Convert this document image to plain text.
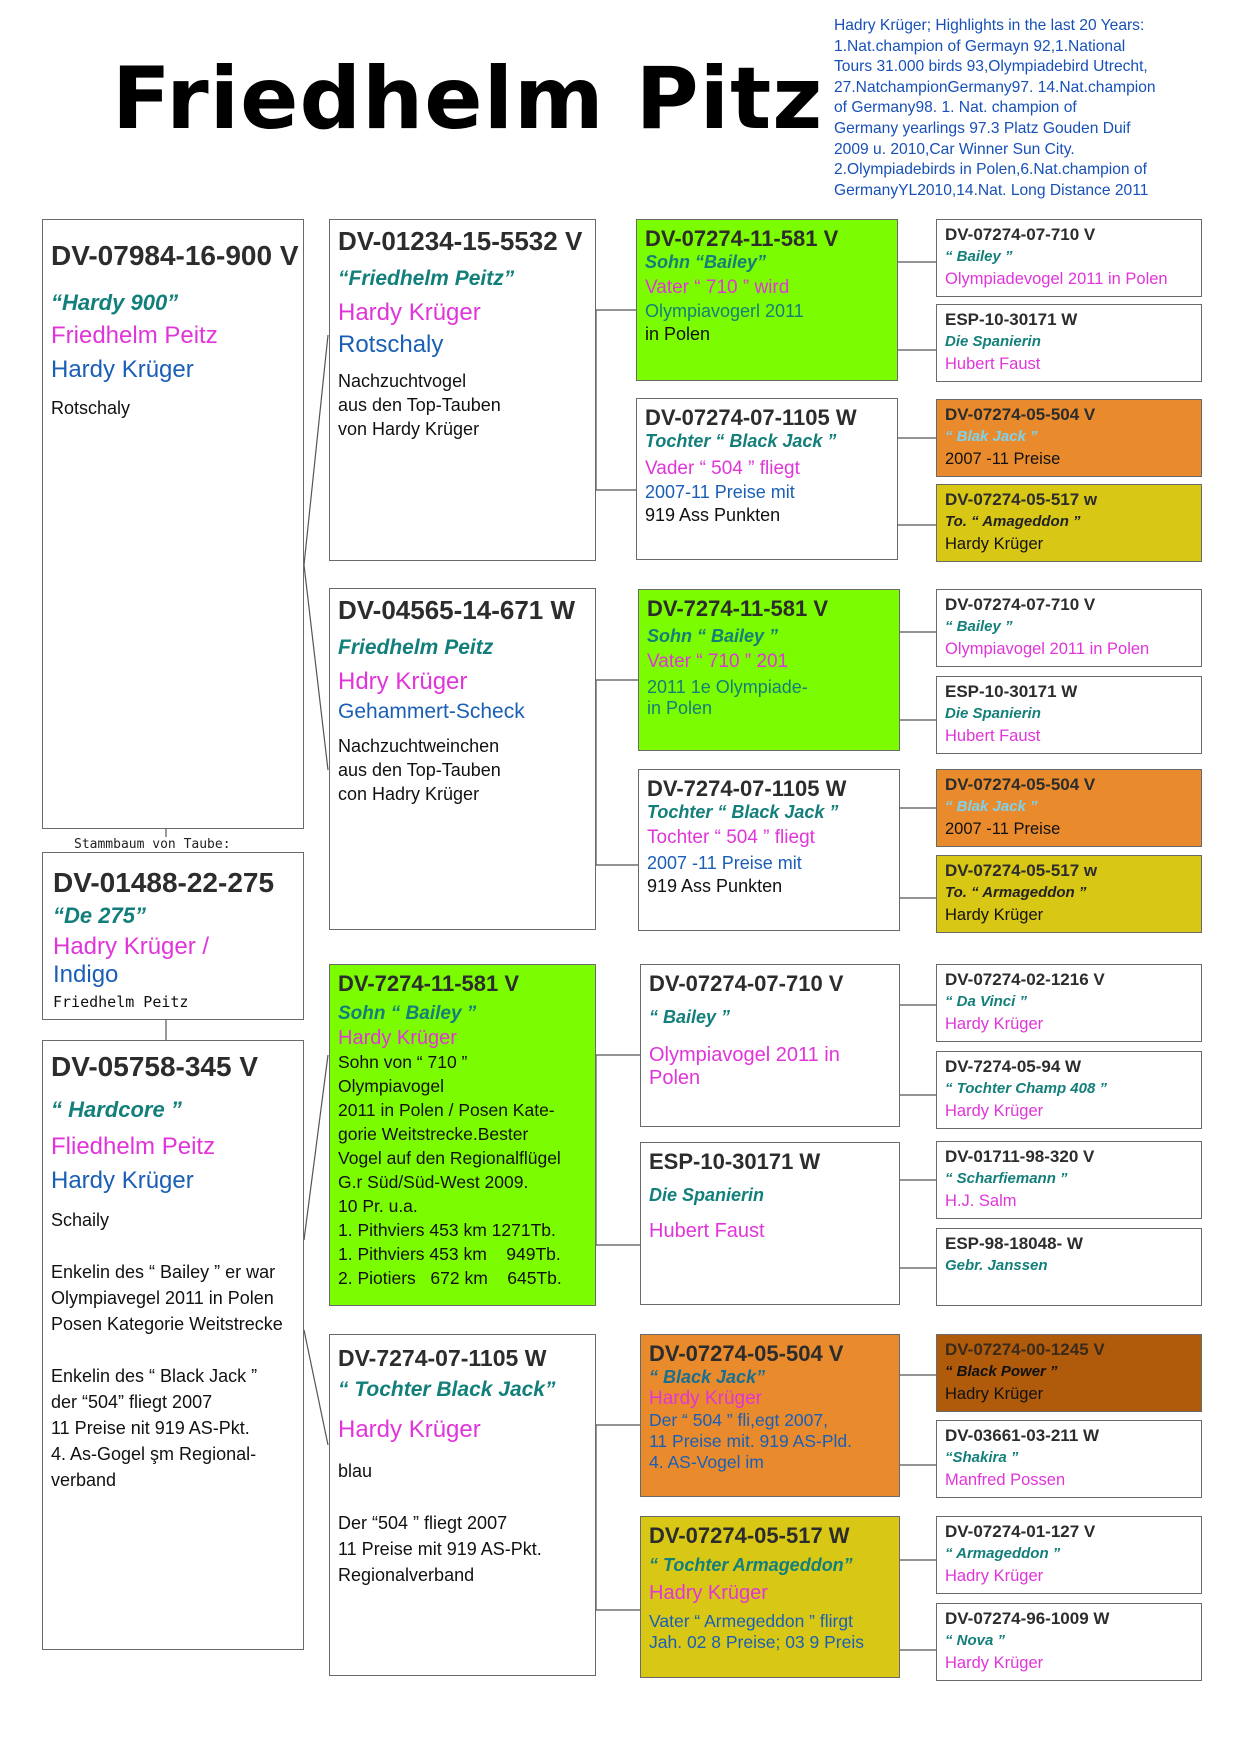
Friedhelm Pitz
Hadry Krüger; Highlights in the last 20 Years:
1.Nat.champion of Germayn 92,1.National
Tours 31.000 birds 93,Olympiadebird Utrecht,
27.NatchampionGermany97. 14.Nat.champion
of Germany98. 1. Nat. champion of
Germany yearlings 97.3 Platz Gouden Duif
2009 u. 2010,Car Winner Sun City.
2.Olympiadebirds in Polen,6.Nat.champion of
GermanyYL2010,14.Nat. Long Distance 2011
DV-07984-16-900 V
“Hardy 900”
Friedhelm Peitz
Hardy Krüger
Rotschaly
DV-01488-22-275
“De 275”
Hadry Krüger /
Indigo
Friedhelm Peitz
Stammbaum von Taube:
DV-05758-345 V
“ Hardcore ”
Fliedhelm Peitz
Hardy Krüger
Schaily
Enkelin des “ Bailey ” er war
Olympiavegel 2011 in Polen
Posen Kategorie Weitstrecke
Enkelin des “ Black Jack ”
der “504” fliegt 2007
11 Preise nit 919 AS-Pkt.
4. As-Gogel şm Regional-
verband
DV-01234-15-5532 V
“Friedhelm Peitz”
Hardy Krüger
Rotschaly
Nachzuchtvogel
aus den Top-Tauben
von Hardy Krüger
DV-04565-14-671 W
Friedhelm Peitz
Hdry Krüger
Gehammert-Scheck
Nachzuchtweinchen
aus den Top-Tauben
con Hadry Krüger
DV-7274-11-581 V
Sohn “ Bailey ”
Hardy Krüger
Sohn von “ 710 ”
Olympiavogel
2011 in Polen / Posen Kate-
gorie Weitstrecke.Bester
Vogel auf den Regionalflügel
G.r Süd/Süd-West 2009.
10 Pr. u.a.
1. Pithviers 453 km 1271Tb.
1. Pithviers 453 km    949Tb.
2. Piotiers   672 km    645Tb.
DV-7274-07-1105 W
“ Tochter Black Jack”
Hardy Krüger
blau
Der “504 ” fliegt 2007
11 Preise mit 919 AS-Pkt.
Regionalverband
DV-07274-11-581 V
Sohn “Bailey”
Vater “ 710 ” wird
Olympiavogerl 2011
in Polen
DV-07274-07-1105 W
Tochter “ Black Jack ”
Vader “ 504 ” fliegt
2007-11 Preise mit
919 Ass Punkten
DV-7274-11-581 V
Sohn “ Bailey ”
Vater “ 710 ” 201
2011 1e Olympiade-
in Polen
DV-7274-07-1105 W
Tochter “ Black Jack ”
Tochter “ 504 ” fliegt
2007 -11 Preise mit
919 Ass Punkten
DV-07274-07-710 V
“ Bailey ”
Olympiavogel 2011 in
Polen
ESP-10-30171 W
Die Spanierin
Hubert Faust
DV-07274-05-504 V
“ Black Jack”
Hardy Krüger
Der “ 504 ” fli,egt 2007,
11 Preise mit. 919 AS-Pld.
4. AS-Vogel im
DV-07274-05-517 W
“ Tochter Armageddon”
Hadry Krüger
Vater “ Armegeddon ” flirgt
Jah. 02 8 Preise; 03 9 Preis
DV-07274-07-710 V
“ Bailey ”
Olympiadevogel 2011 in Polen
ESP-10-30171 W
Die Spanierin
Hubert Faust
DV-07274-05-504 V
“ Blak Jack ”
2007 -11 Preise
DV-07274-05-517 w
To. “ Amageddon ”
Hardy Krüger
DV-07274-07-710 V
“ Bailey ”
Olympiavogel 2011 in Polen
ESP-10-30171 W
Die Spanierin
Hubert Faust
DV-07274-05-504 V
“ Blak Jack ”
2007 -11 Preise
DV-07274-05-517 w
To. “ Armageddon ”
Hardy Krüger
DV-07274-02-1216 V
“ Da Vinci ”
Hardy Krüger
DV-7274-05-94 W
“ Tochter Champ 408 ”
Hardy Krüger
DV-01711-98-320 V
“ Scharfiemann ”
H.J. Salm
ESP-98-18048- W
Gebr. Janssen
DV-07274-00-1245 V
“ Black Power ”
Hadry Krüger
DV-03661-03-211 W
“Shakira ”
Manfred Possen
DV-07274-01-127 V
“ Armageddon ”
Hadry Krüger
DV-07274-96-1009 W
“ Nova ”
Hardy Krüger
